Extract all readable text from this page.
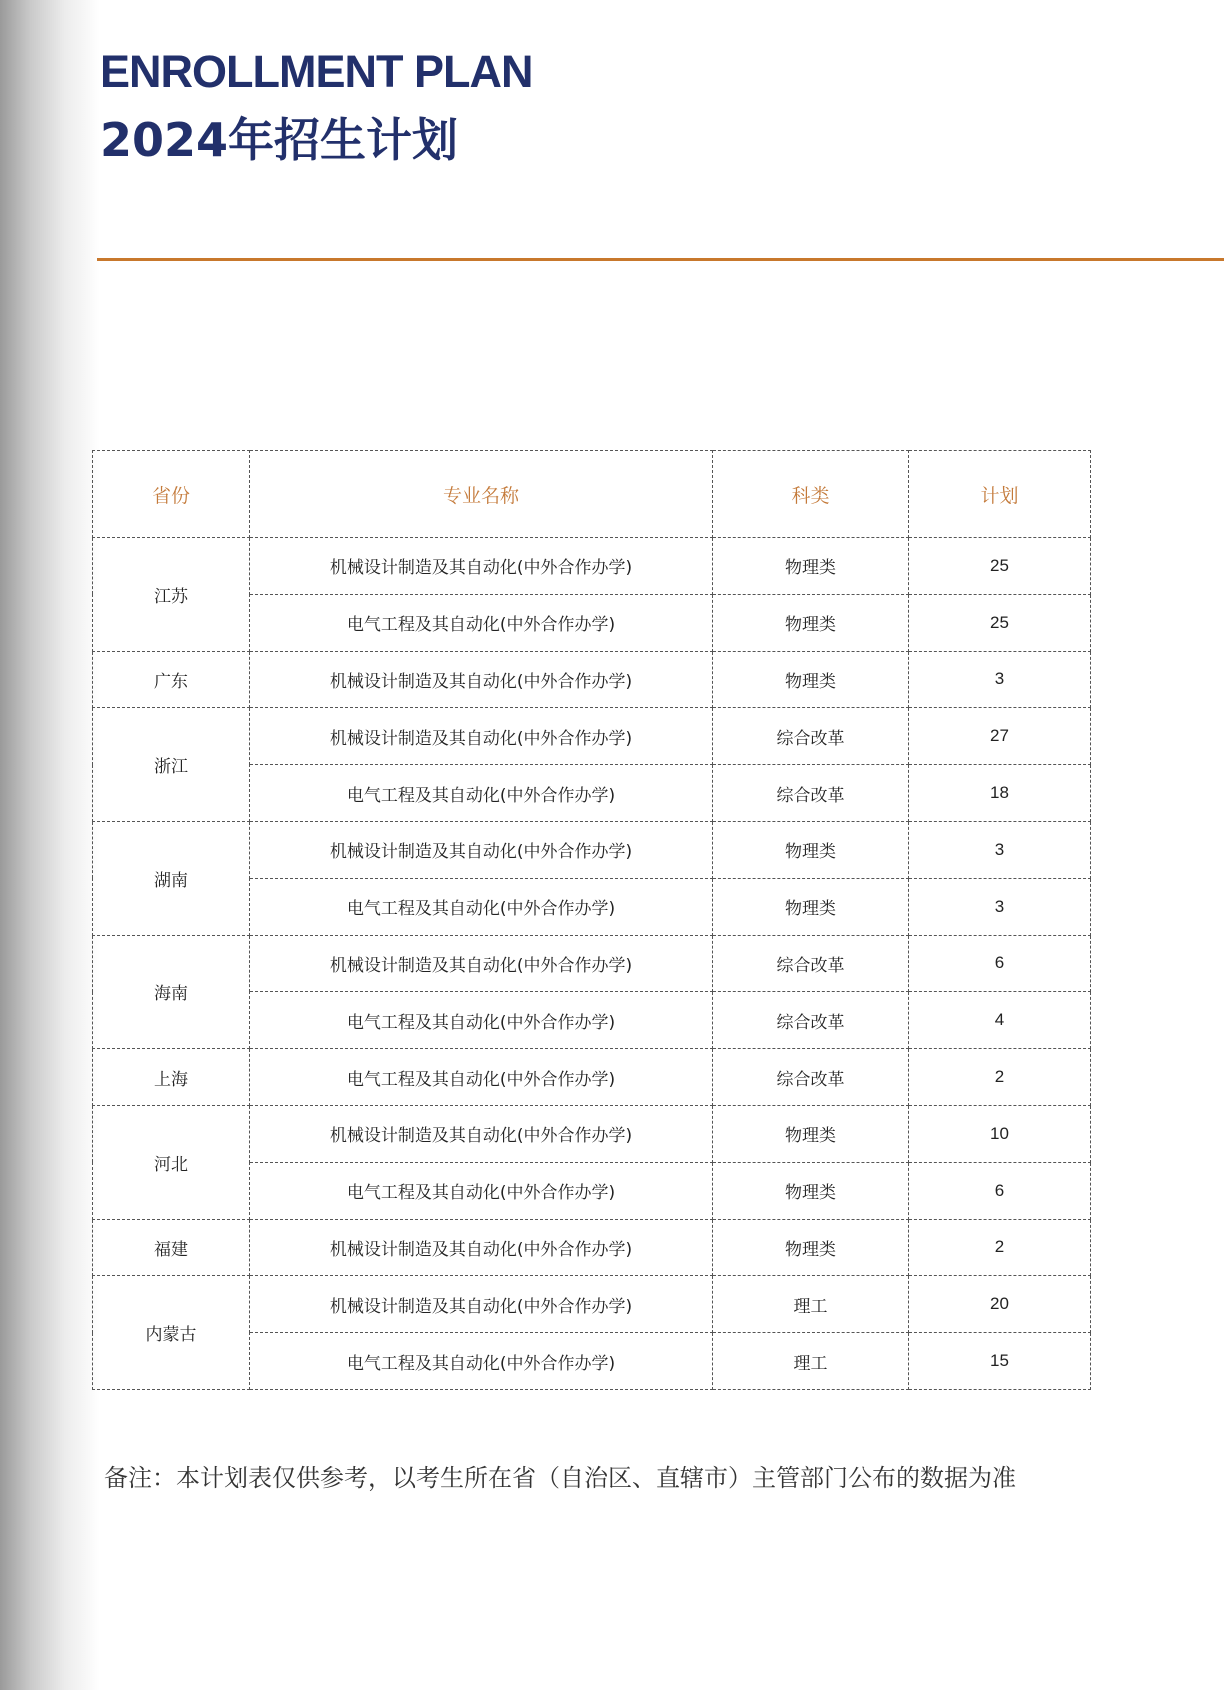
ENROLLMENT PLAN
2024年招生计划
省份	专业名称	科类	计划
江苏	机械设计制造及其自动化(中外合作办学)	物理类	25
	电气工程及其自动化(中外合作办学)	物理类	25
广东	机械设计制造及其自动化(中外合作办学)	物理类	3
浙江	机械设计制造及其自动化(中外合作办学)	综合改革	27
	电气工程及其自动化(中外合作办学)	综合改革	18
湖南	机械设计制造及其自动化(中外合作办学)	物理类	3
	电气工程及其自动化(中外合作办学)	物理类	3
海南	机械设计制造及其自动化(中外合作办学)	综合改革	6
	电气工程及其自动化(中外合作办学)	综合改革	4
上海	电气工程及其自动化(中外合作办学)	综合改革	2
河北	机械设计制造及其自动化(中外合作办学)	物理类	10
	电气工程及其自动化(中外合作办学)	物理类	6
福建	机械设计制造及其自动化(中外合作办学)	物理类	2
内蒙古	机械设计制造及其自动化(中外合作办学)	理工	20
	电气工程及其自动化(中外合作办学)	理工	15
备注：本计划表仅供参考，以考生所在省（自治区、直辖市）主管部门公布的数据为准
